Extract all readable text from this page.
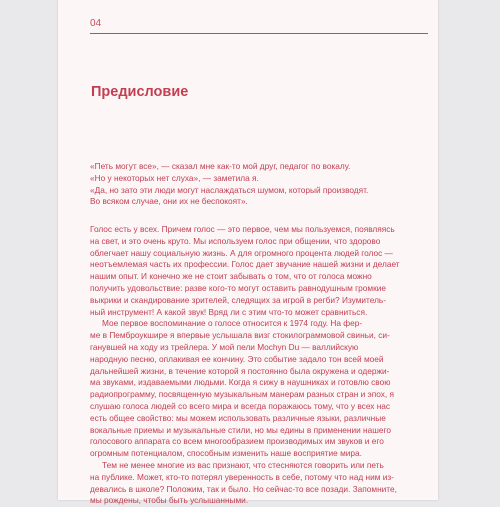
04
Предисловие
«Петь могут все», — сказал мне как-то мой друг, педагог по вокалу.
«Но у некоторых нет слуха», — заметила я.
«Да, но зато эти люди могут наслаждаться шумом, который производят.
Во всяком случае, они их не беспокоят».
Голос есть у всех. Причем голос — это первое, чем мы пользуемся, появляясь
на свет, и это очень круто. Мы используем голос при общении, что здорово
облегчает нашу социальную жизнь. А для огромного процента людей голос —
неотъемлемая часть их профессии. Голос дает звучание нашей жизни и делает
нашим опыт. И конечно же не стоит забывать о том, что от голоса можно
получить удовольствие: разве кого-то могут оставить равнодушным громкие
выкрики и скандирование зрителей, следящих за игрой в регби? Изумитель-
ный инструмент! А какой звук! Вряд ли с этим что-то может сравниться.
Мое первое воспоминание о голосе относится к 1974 году. На фер-
ме в Пемброукшире я впервые услышала визг стокилограммовой свиньи, си-
ганувшей на ходу из трейлера. У мой пели Mochyn Du — валлийскую
народную песню, оплакивая ее кончину. Это событие задало тон всей моей
дальнейшей жизни, в течение которой я постоянно была окружена и одержи-
ма звуками, издаваемыми людьми. Когда я сижу в наушниках и готовлю свою
радиопрограмму, посвященную музыкальным манерам разных стран и эпох, я
слушаю голоса людей со всего мира и всегда поражаюсь тому, что у всех нас
есть общее свойство: мы можем использовать различные языки, различные
вокальные приемы и музыкальные стили, но мы едины в применении нашего
голосового аппарата со всем многообразием производимых им звуков и его
огромным потенциалом, способным изменить наше восприятие мира.
Тем не менее многие из вас признают, что стесняются говорить или петь
на публике. Может, кто-то потерял уверенность в себе, потому что над ним из-
девались в школе? Положим, так и было. Но сейчас-то все позади. Запомните,
мы рождены, чтобы быть услышанными.
